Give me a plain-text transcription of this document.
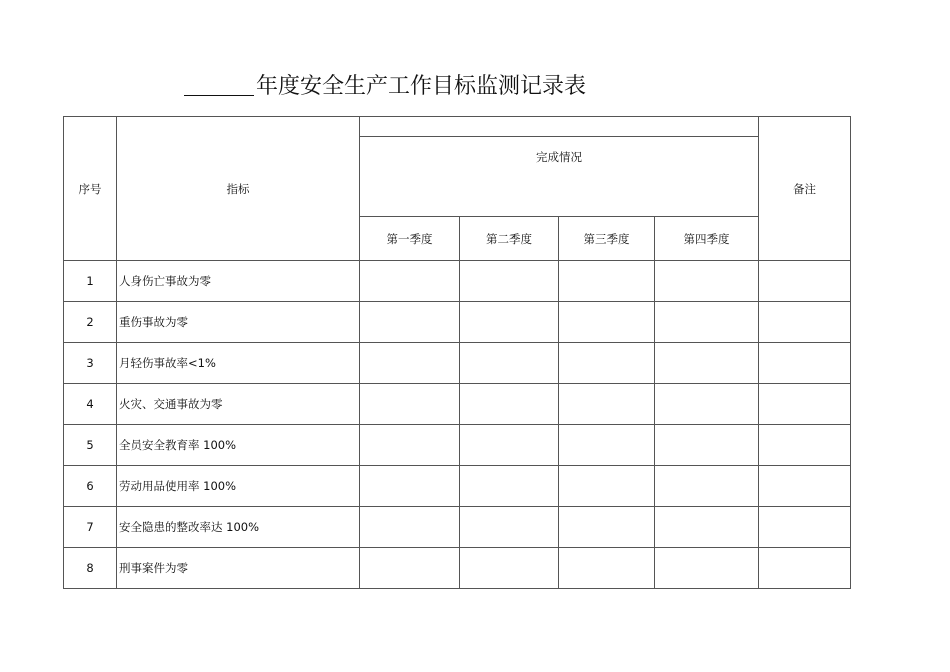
年度安全生产工作目标监测记录表
序号	指标					备注
		完成情况				
		第一季度	第二季度	第三季度	第四季度	
1	人身伤亡事故为零					
2	重伤事故为零					
3	月轻伤事故率<1%					
4	火灾、交通事故为零					
5	全员安全教育率 100%					
6	劳动用品使用率 100%					
7	安全隐患的整改率达 100%					
8	刑事案件为零					
